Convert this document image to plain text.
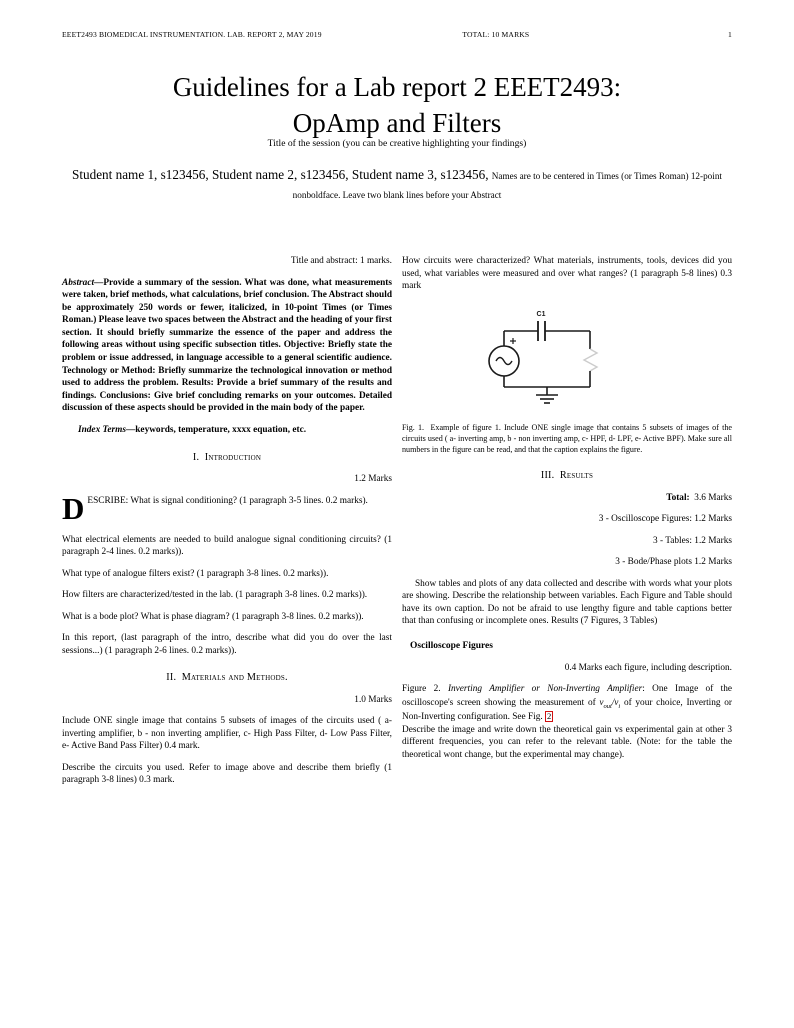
EEET2493 BIOMEDICAL INSTRUMENTATION. LAB. REPORT 2, MAY 2019	TOTAL: 10 MARKS	1
Guidelines for a Lab report 2 EEET2493:
OpAmp and Filters
Title of the session (you can be creative highlighting your findings)
Student name 1, s123456, Student name 2, s123456, Student name 3, s123456, Names are to be centered in Times (or Times Roman) 12-point nonboldface. Leave two blank lines before your Abstract

Title and abstract: 1 marks.

Abstract—Provide a summary of the session. What was done, what measurements were taken, brief methods, what calculations, brief conclusion. The Abstract should be approximately 250 words or fewer, italicized, in 10-point Times (or Times Roman.) Please leave two spaces between the Abstract and the heading of your first section. It should briefly summarize the essence of the paper and address the following areas without using specific subsection titles. Objective: Briefly state the problem or issue addressed, in language accessible to a general scientific audience. Technology or Method: Briefly summarize the technological innovation or method used to address the problem. Results: Provide a brief summary of the results and findings. Conclusions: Give brief concluding remarks on your outcomes. Detailed discussion of these aspects should be provided in the main body of the paper.

Index Terms—keywords, temperature, xxxx equation, etc.

I. Introduction

1.2 Marks

DESCRIBE: What is signal conditioning? (1 paragraph 3-5 lines. 0.2 marks).

What electrical elements are needed to build analogue signal conditioning circuits? (1 paragraph 2-4 lines. 0.2 marks)).

What type of analogue filters exist? (1 paragraph 3-8 lines. 0.2 marks)).

How filters are characterized/tested in the lab. (1 paragraph 3-8 lines. 0.2 marks)).

What is a bode plot? What is phase diagram? (1 paragraph 3-8 lines. 0.2 marks)).

In this report, (last paragraph of the intro, describe what did you do over the last sessions...) (1 paragraph 2-6 lines. 0.2 marks)).

II. Materials and Methods.

1.0 Marks

Include ONE single image that contains 5 subsets of images of the circuits used ( a- inverting amplifier, b - non inverting amplifier, c- High Pass Filter, d- Low Pass Filter, e- Active Band Pass Filter) 0.4 mark.

Describe the circuits you used. Refer to image above and describe them briefly (1 paragraph 3-8 lines) 0.3 mark.

How circuits were characterized? What materials, instruments, tools, devices did you used, what variables were measured and over what ranges? (1 paragraph 5-8 lines) 0.3 mark

C1

Fig. 1. Example of figure 1. Include ONE single image that contains 5 subsets of images of the circuits used ( a- inverting amp, b - non inverting amp, c- HPF, d- LPF, e- Active BPF). Make sure all numbers in the figure can be read, and that the caption explains the figure.

III. Results

Total: 3.6 Marks

3 - Oscilloscope Figures: 1.2 Marks

3 - Tables: 1.2 Marks

3 - Bode/Phase plots 1.2 Marks

Show tables and plots of any data collected and describe with words what your plots are showing. Describe the relationship between variables. Each Figure and Table should have its own caption. Do not be afraid to use lengthy figure and table captions better that than confusing or incomplete ones. Results (7 Figures, 3 Tables)

Oscilloscope Figures

0.4 Marks each figure, including description.

Figure 2. Inverting Amplifier or Non-Inverting Amplifier: One Image of the oscilloscope's screen showing the measurement of $v_{out}/v_i$ of your choice, Inverting or Non-Inverting configuration. See Fig. 2

Describe the image and write down the theoretical gain vs experimental gain at other 3 different frequencies, you can refer to the relevant table. (Note: for the table the theoretical wont change, but the experimental may change).
